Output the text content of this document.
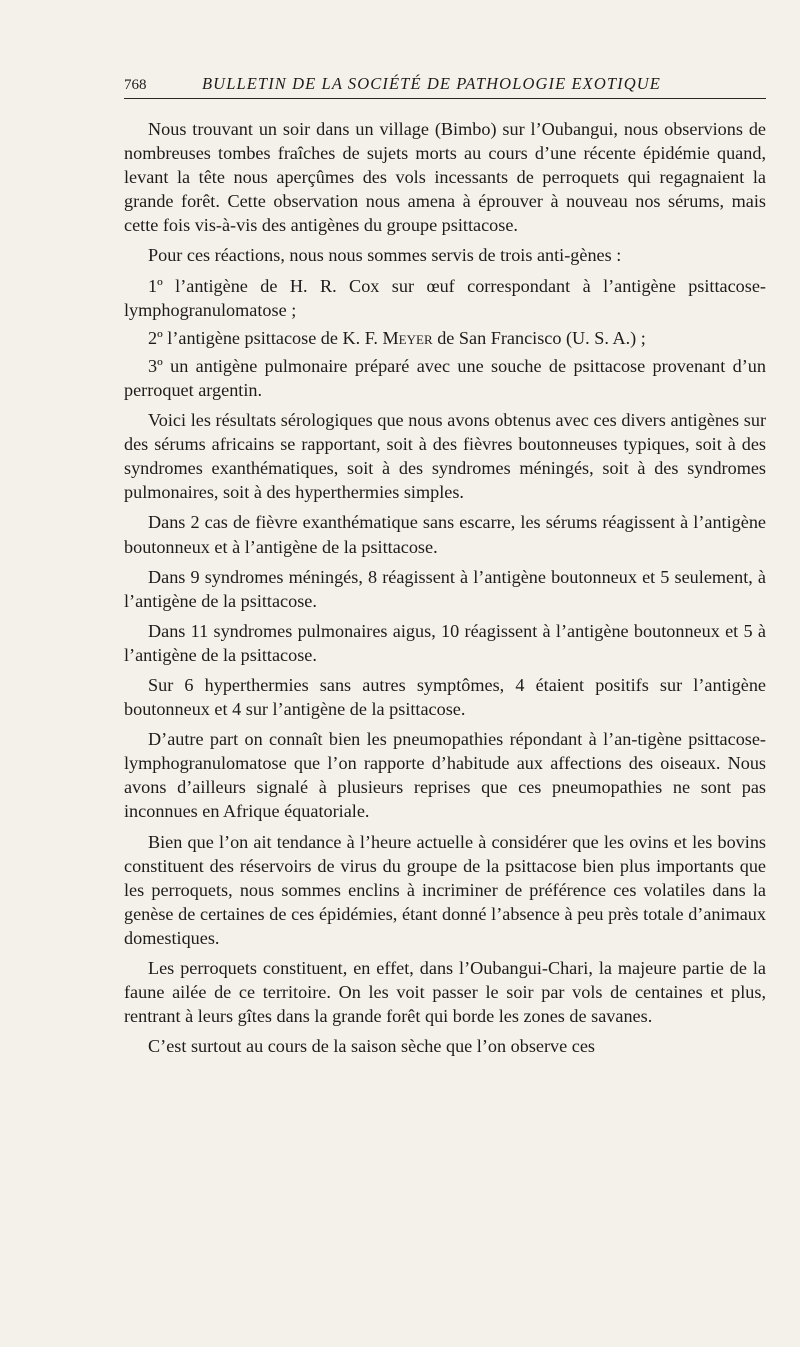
768	BULLETIN DE LA SOCIÉTÉ DE PATHOLOGIE EXOTIQUE

Nous trouvant un soir dans un village (Bimbo) sur l’Oubangui, nous observions de nombreuses tombes fraîches de sujets morts au cours d’une récente épidémie quand, levant la tête nous aperçûmes des vols incessants de perroquets qui regagnaient la grande forêt. Cette observation nous amena à éprouver à nouveau nos sérums, mais cette fois vis-à-vis des antigènes du groupe psittacose.

Pour ces réactions, nous nous sommes servis de trois anti-gènes :

1º l’antigène de H. R. Cox sur œuf correspondant à l’antigène psittacose-lymphogranulomatose ;

2º l’antigène psittacose de K. F. Meyer de San Francisco (U. S. A.) ;

3º un antigène pulmonaire préparé avec une souche de psittacose provenant d’un perroquet argentin.

Voici les résultats sérologiques que nous avons obtenus avec ces divers antigènes sur des sérums africains se rapportant, soit à des fièvres boutonneuses typiques, soit à des syndromes exanthématiques, soit à des syndromes méningés, soit à des syndromes pulmonaires, soit à des hyperthermies simples.

Dans 2 cas de fièvre exanthématique sans escarre, les sérums réagissent à l’antigène boutonneux et à l’antigène de la psittacose.

Dans 9 syndromes méningés, 8 réagissent à l’antigène boutonneux et 5 seulement, à l’antigène de la psittacose.

Dans 11 syndromes pulmonaires aigus, 10 réagissent à l’antigène boutonneux et 5 à l’antigène de la psittacose.

Sur 6 hyperthermies sans autres symptômes, 4 étaient positifs sur l’antigène boutonneux et 4 sur l’antigène de la psittacose.

D’autre part on connaît bien les pneumopathies répondant à l’an-tigène psittacose-lymphogranulomatose que l’on rapporte d’habitude aux affections des oiseaux. Nous avons d’ailleurs signalé à plusieurs reprises que ces pneumopathies ne sont pas inconnues en Afrique équatoriale.

Bien que l’on ait tendance à l’heure actuelle à considérer que les ovins et les bovins constituent des réservoirs de virus du groupe de la psittacose bien plus importants que les perroquets, nous sommes enclins à incriminer de préférence ces volatiles dans la genèse de certaines de ces épidémies, étant donné l’absence à peu près totale d’animaux domestiques.

Les perroquets constituent, en effet, dans l’Oubangui-Chari, la majeure partie de la faune ailée de ce territoire. On les voit passer le soir par vols de centaines et plus, rentrant à leurs gîtes dans la grande forêt qui borde les zones de savanes.

C’est surtout au cours de la saison sèche que l’on observe ces
